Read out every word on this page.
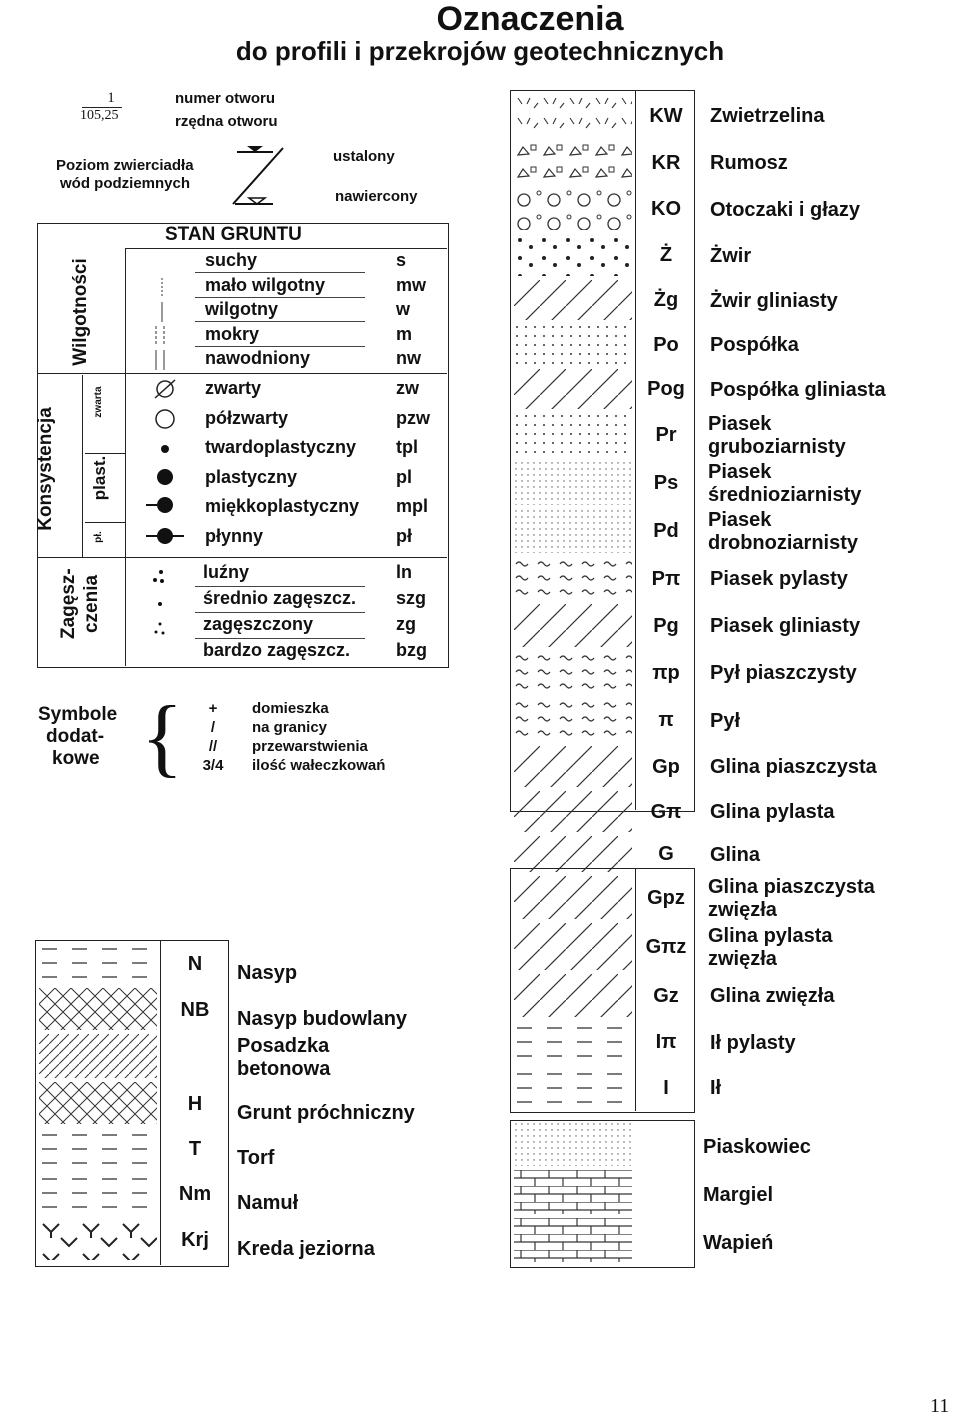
Oznaczenia
do profili i przekrojów geotechnicznych
1
105,25
numer otworu
rzędna otworu
Poziom zwierciadła
wód podziemnych
ustalony
nawiercony
STAN GRUNTU
Wilgotności
Konsystencja
zwarta
plast.
pł.
Zagęsz- czenia
suchy	s
mało wilgotny	mw
wilgotny	w
mokry	m
nawodniony	nw
zwarty	zw
półzwarty	pzw
twardoplastyczny tpl
plastyczny	pl
miękkoplastyczny mpl
płynny	pł
luźny	ln
średnio zagęszcz. szg
zagęszczony	zg
bardzo zagęszcz.	bzg
Symbole
dodat-
kowe {	+	domieszka
/	na granicy
//	przewarstwienia
3/4	ilość wałeczkowań
KW	Zwietrzelina
KR	Rumosz
KO	Otoczaki i głazy
Ż	Żwir
Żg	Żwir gliniasty
Po	Pospółka
Pog	Pospółka gliniasta
Pr	Piasek
gruboziarnisty
Ps	Piasek
średnioziarnisty
Pd	Piasek
drobnoziarnisty
Pπ	Piasek pylasty
Pg	Piasek gliniasty
πp	Pył piaszczysty
π	Pył
Gp	Glina piaszczysta
Gπ	Glina pylasta
G	Glina
Gpz	Glina piaszczysta
zwięzła
Gπz	Glina pylasta
zwięzła
Gz	Glina zwięzła
Iπ	Ił pylasty
I	Ił
Piaskowiec
Margiel
Wapień
N	Nasyp
NB	Nasyp budowlany
Posadzka
betonowa
H	Grunt próchniczny
T	Torf
Nm	Namuł
Krj	Kreda jeziorna
11
